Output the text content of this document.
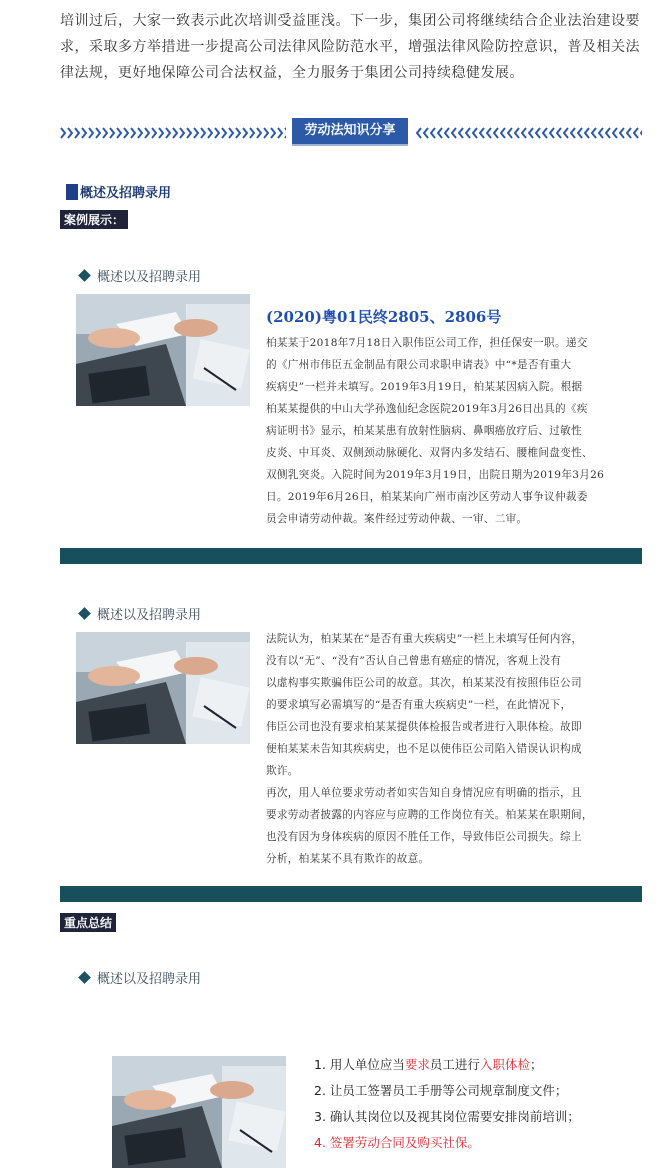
培训过后，大家一致表示此次培训受益匪浅。下一步，集团公司将继续结合企业法治建设要
求，采取多方举措进一步提高公司法律风险防范水平，增强法律风险防控意识，普及相关法
律法规，更好地保障公司合法权益，全力服务于集团公司持续稳健发展。
劳动法知识分享
概述及招聘录用
案例展示：
概述以及招聘录用
(2020)粤01民终2805、2806号
柏某某于2018年7月18日入职伟臣公司工作，担任保安一职。递交
的《广州市伟臣五金制品有限公司求职申请表》中“*是否有重大
疾病史”一栏并未填写。2019年3月19日，柏某某因病入院。根据
柏某某提供的中山大学孙逸仙纪念医院2019年3月26日出具的《疾
病证明书》显示，柏某某患有放射性脑病、鼻咽癌放疗后、过敏性
皮炎、中耳炎、双侧颈动脉硬化、双肾内多发结石、腰椎间盘变性、
双侧乳突炎。入院时间为2019年3月19日，出院日期为2019年3月26
日。2019年6月26日，柏某某向广州市南沙区劳动人事争议仲裁委
员会申请劳动仲裁。案件经过劳动仲裁、一审、二审。
概述以及招聘录用
法院认为，柏某某在“是否有重大疾病史”一栏上未填写任何内容，
没有以“无”、“没有”否认自己曾患有癌症的情况，客观上没有
以虚构事实欺骗伟臣公司的故意。其次，柏某某没有按照伟臣公司
的要求填写必需填写的“是否有重大疾病史”一栏，在此情况下，
伟臣公司也没有要求柏某某提供体检报告或者进行入职体检。故即
便柏某某未告知其疾病史，也不足以使伟臣公司陷入错误认识构成
欺诈。
再次，用人单位要求劳动者如实告知自身情况应有明确的指示，且
要求劳动者披露的内容应与应聘的工作岗位有关。柏某某在职期间，
也没有因为身体疾病的原因不胜任工作，导致伟臣公司损失。综上
分析，柏某某不具有欺诈的故意。
重点总结
概述以及招聘录用
1. 用人单位应当要求员工进行入职体检；
2. 让员工签署员工手册等公司规章制度文件；
3. 确认其岗位以及视其岗位需要安排岗前培训；
4. 签署劳动合同及购买社保。
